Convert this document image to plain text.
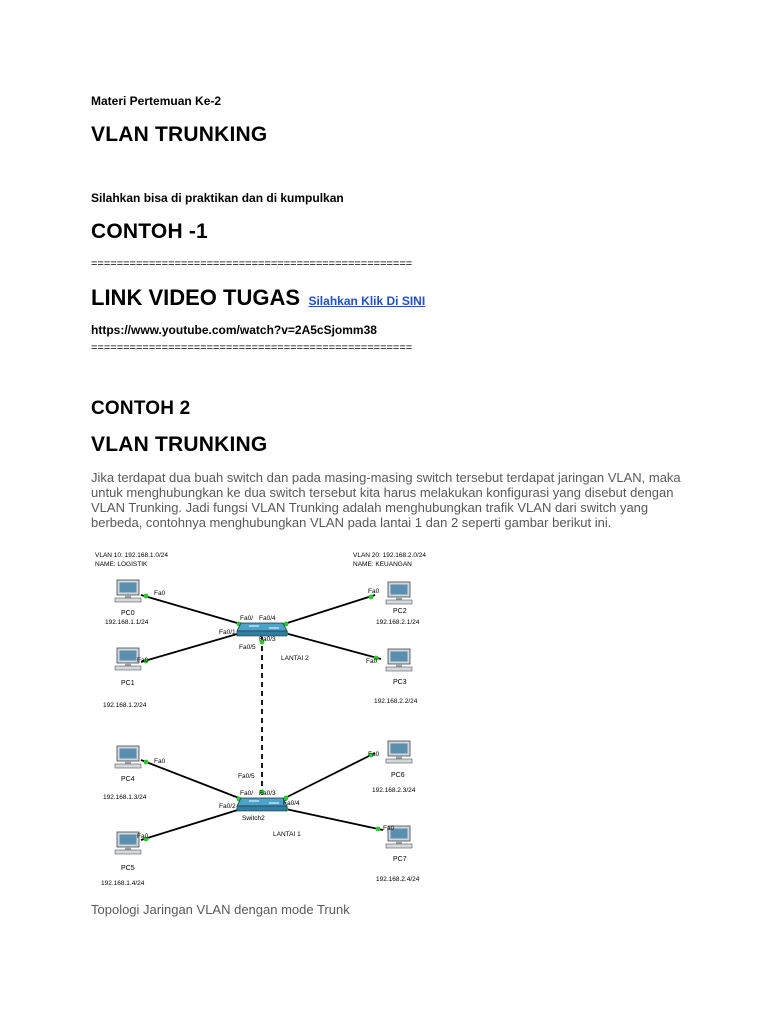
Materi Pertemuan Ke-2
VLAN TRUNKING
Silahkan bisa di praktikan dan di kumpulkan
CONTOH -1
==================================================
LINK VIDEO TUGAS Silahkan Klik Di SINI
https://www.youtube.com/watch?v=2A5cSjomm38
==================================================
CONTOH 2
VLAN TRUNKING
Jika terdapat dua buah switch dan pada masing-masing switch tersebut terdapat jaringan VLAN, maka untuk menghubungkan ke dua switch tersebut kita harus melakukan konfigurasi yang disebut dengan VLAN Trunking. Jadi fungsi VLAN Trunking adalah menghubungkan trafik VLAN dari switch yang berbeda, contohnya menghubungkan VLAN pada lantai 1 dan 2 seperti gambar berikut ini.
VLAN 10: 192.168.1.0/24
NAME: LOGISTIK
VLAN 20: 192.168.2.0/24
NAME: KEUANGAN
Fa0/ Fa0/4
Fa0/1
Fa0/3
Fa0/5
LANTAI 2
Fa0/5
Fa0/ Fa0/3
Fa0/2	Fa0/4
Switch2
LANTAI 1
Fa0
Fa0
Fa0
Fa0
Fa0
Fa0
Fa0
Fa0
PC0
192.168.1.1/24
PC1
192.168.1.2/24
PC2
192.168.2.1/24
PC3
192.168.2.2/24
PC4
192.168.1.3/24
PC5
192.168.1.4/24
PC6
192.168.2.3/24
PC7
192.168.2.4/24
Topologi Jaringan VLAN dengan mode Trunk
